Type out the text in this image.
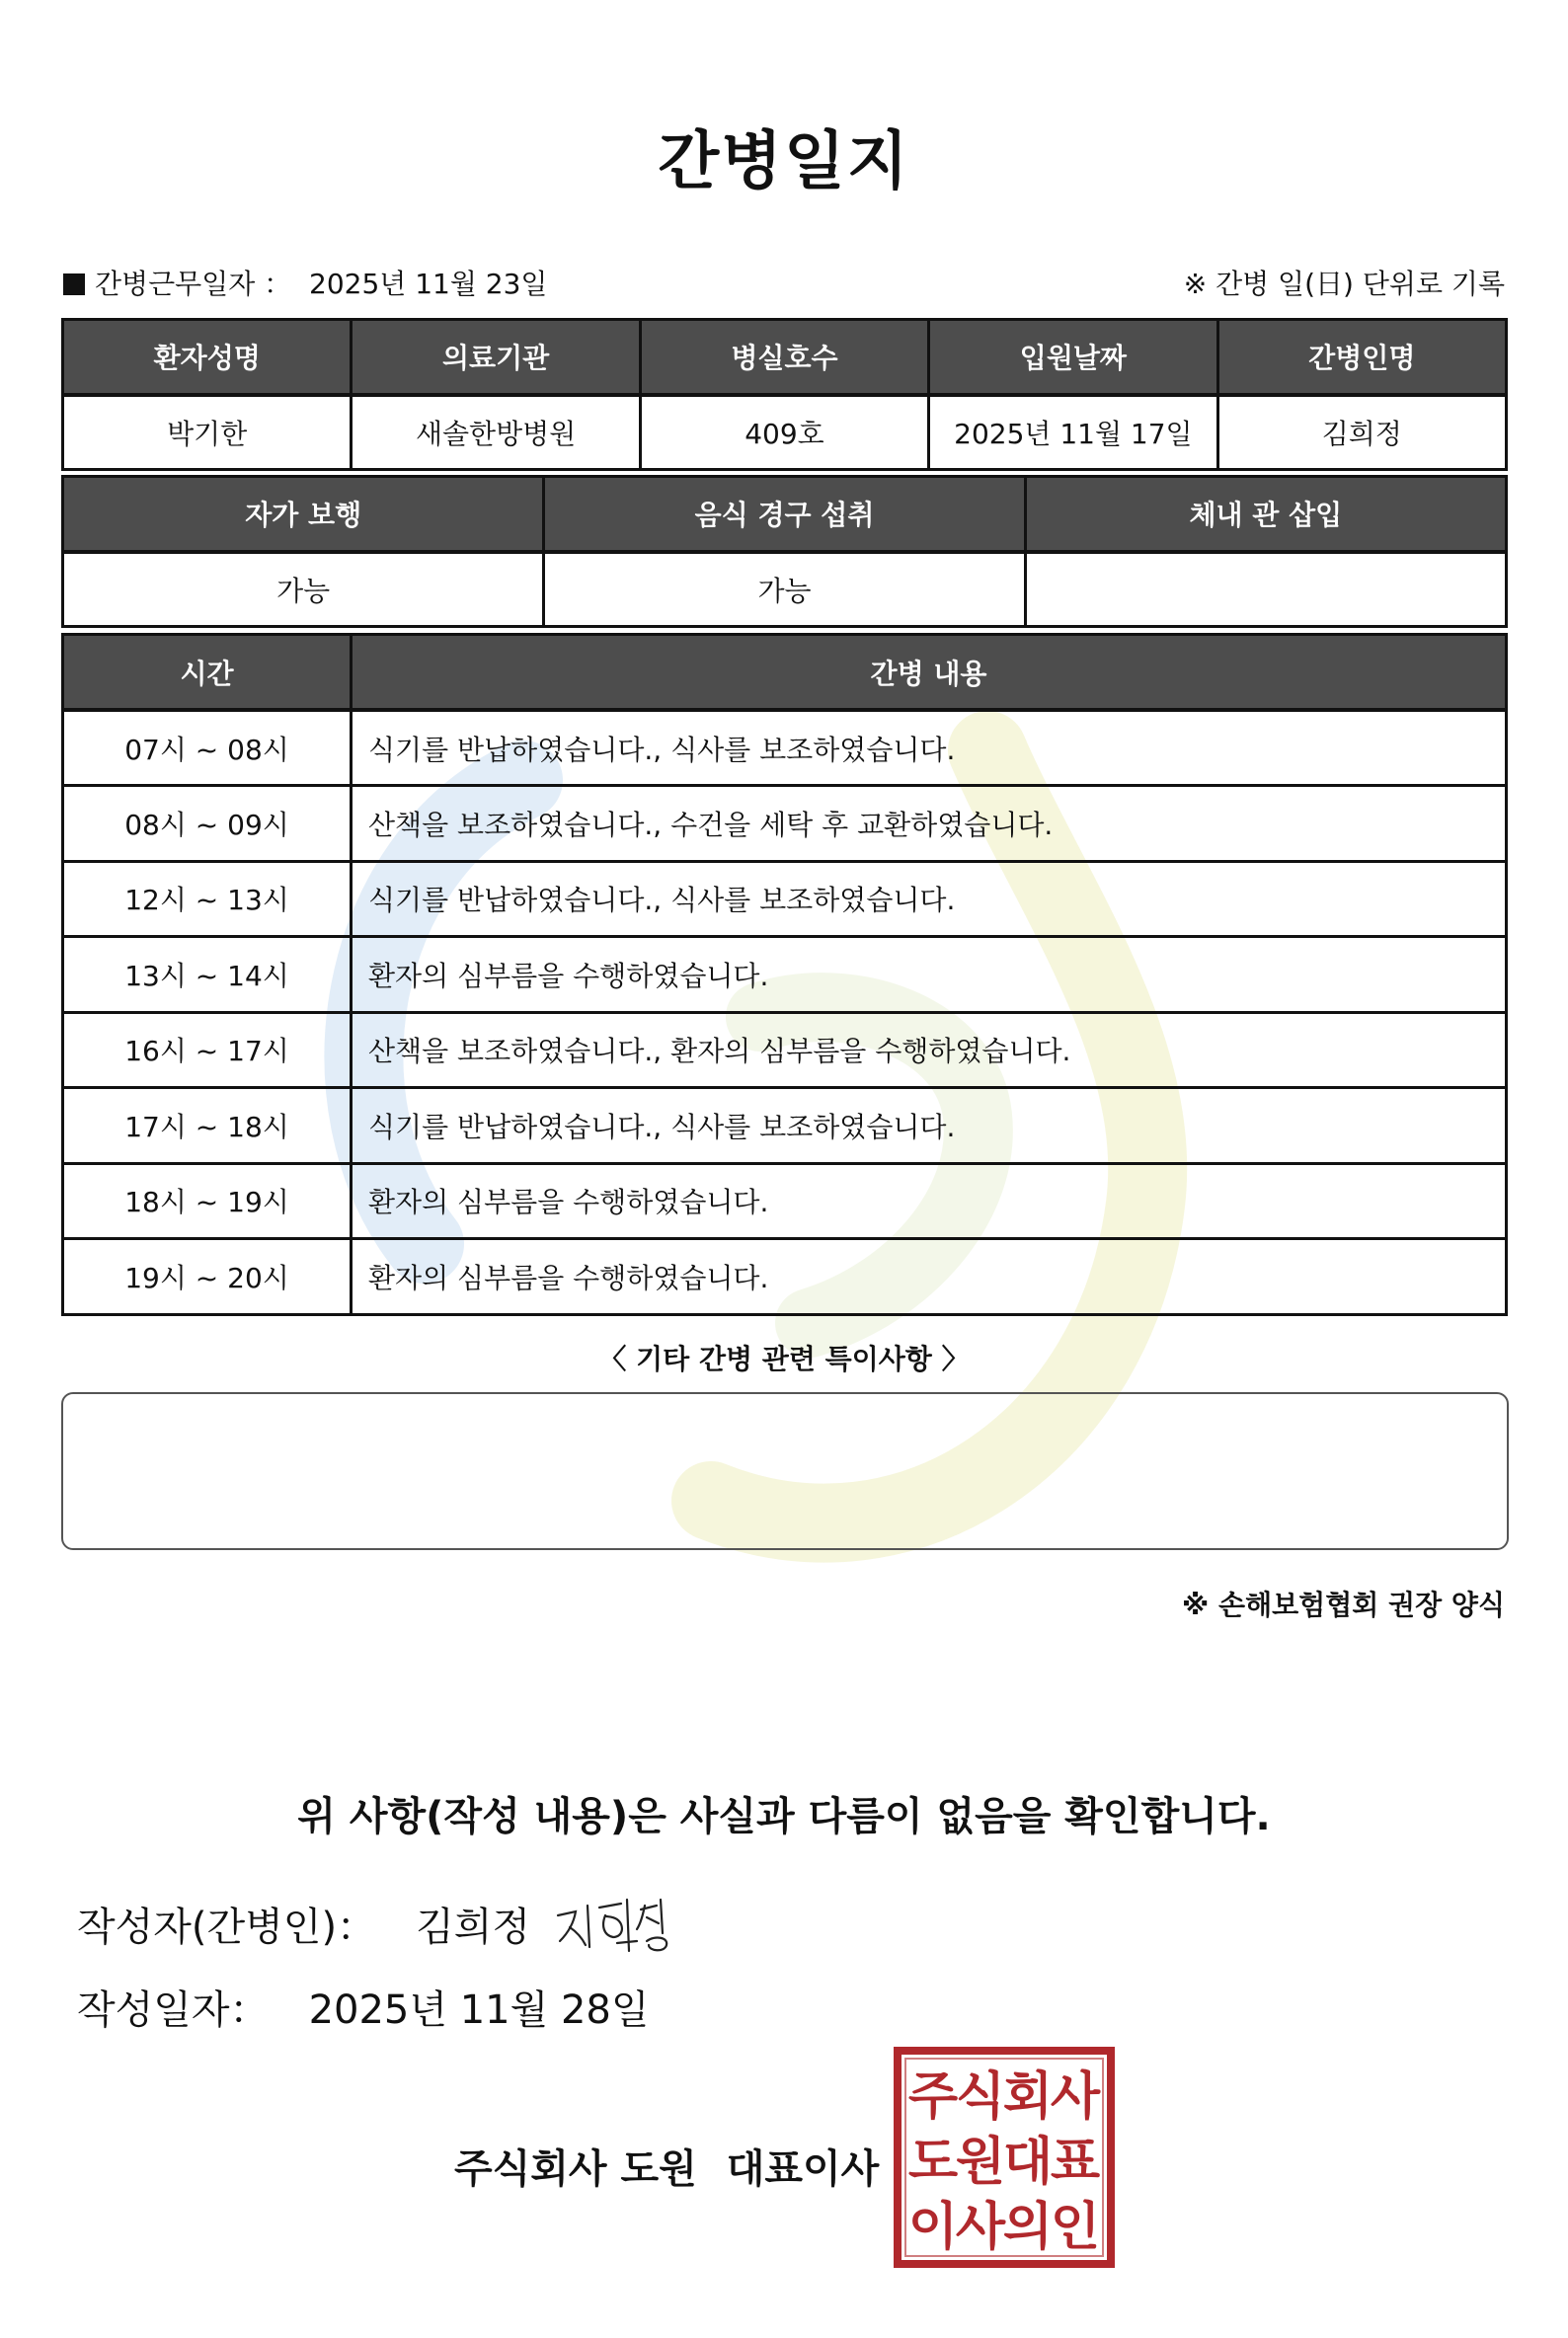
간병일지
간병근무일자 ： 2025년 11월 23일	※ 간병 일(日) 단위로 기록
환자성명	의료기관	병실호수	입원날짜	간병인명
박기한	새솔한방병원	409호	2025년 11월 17일	김희정
자가 보행	음식 경구 섭취	체내 관 삽입
가능	가능	
시간	간병 내용
07시 ~ 08시	식기를 반납하였습니다., 식사를 보조하였습니다.
08시 ~ 09시	산책을 보조하였습니다., 수건을 세탁 후 교환하였습니다.
12시 ~ 13시	식기를 반납하였습니다., 식사를 보조하였습니다.
13시 ~ 14시	환자의 심부름을 수행하였습니다.
16시 ~ 17시	산책을 보조하였습니다., 환자의 심부름을 수행하였습니다.
17시 ~ 18시	식기를 반납하였습니다., 식사를 보조하였습니다.
18시 ~ 19시	환자의 심부름을 수행하였습니다.
19시 ~ 20시	환자의 심부름을 수행하였습니다.
〈 기타 간병 관련 특이사항 〉
※ 손해보험협회 권장 양식
위 사항(작성 내용)은 사실과 다름이 없음을 확인합니다.
작성자(간병인)： 김희정
작성일자： 2025년 11월 28일
주식회사 도원 대표이사
주
식
회
사
도
원
대
표
이
사
의
인
